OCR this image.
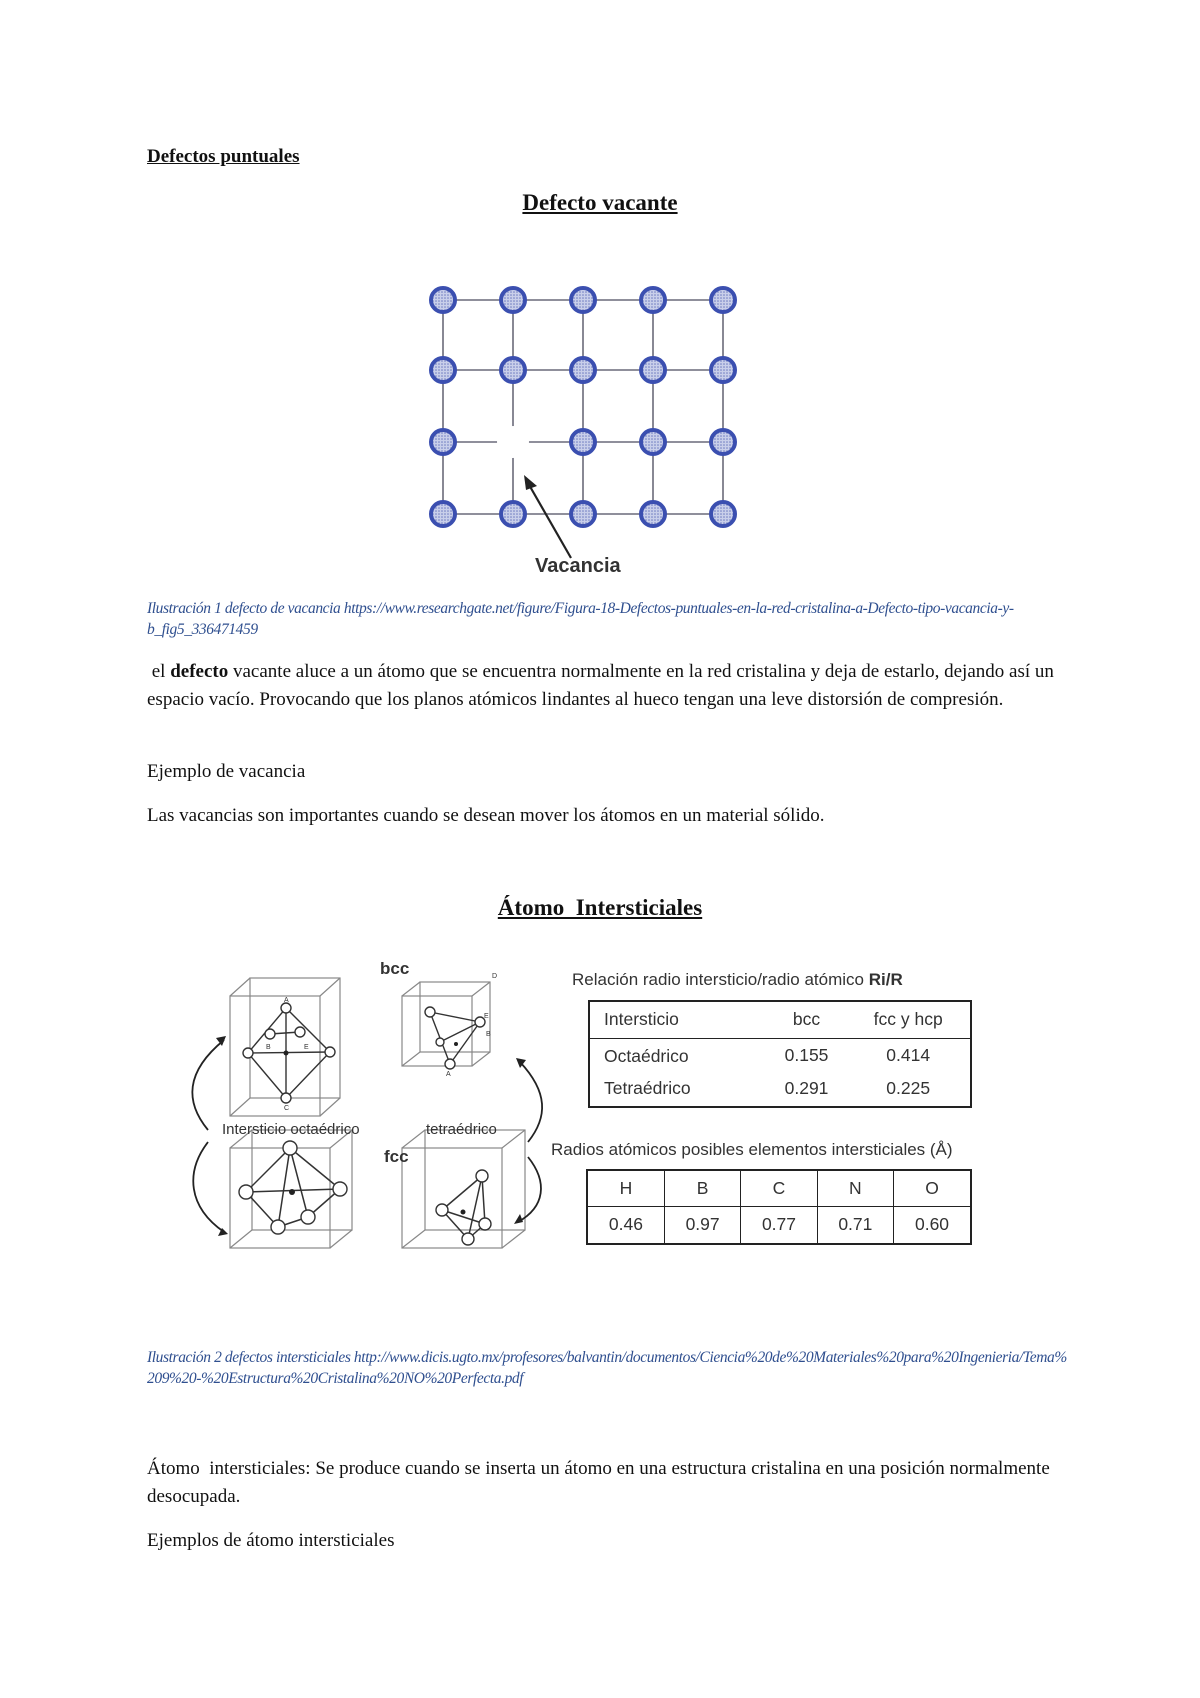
Defectos puntuales
Defecto vacante
Vacancia
Ilustración 1 defecto de vacancia https://www.researchgate.net/figure/Figura-18-Defectos-puntuales-en-la-red-cristalina-a-Defecto-tipo-vacancia-y-b_fig5_336471459

el defecto vacante aluce a un átomo que se encuentra normalmente en la red cristalina y deja de estarlo, dejando así un espacio vacío. Provocando que los planos atómicos lindantes al hueco tengan una leve distorsión de compresión.

Ejemplo de vacancia
Las vacancias son importantes cuando se desean mover los átomos en un material sólido.
Átomo  Intersticiales
A
B	E
C
D
A
B
E
bcc
fcc
Intersticio octaédrico	tetraédrico
Relación radio intersticio/radio atómico Ri/R
Intersticio	bcc	fcc y hcp
Octaédrico	0.155	0.414
Tetraédrico	0.291	0.225
Radios atómicos posibles elementos intersticiales (Å)
H	B	C	N	O
0.46	0.97	0.77	0.71	0.60
Ilustración 2 defectos intersticiales http://www.dicis.ugto.mx/profesores/balvantin/documentos/Ciencia%20de%20Materiales%20para%20Ingenieria/Tema%209%20-%20Estructura%20Cristalina%20NO%20Perfecta.pdf
Átomo  intersticiales: Se produce cuando se inserta un átomo en una estructura cristalina en una posición normalmente desocupada.
Ejemplos de átomo intersticiales
